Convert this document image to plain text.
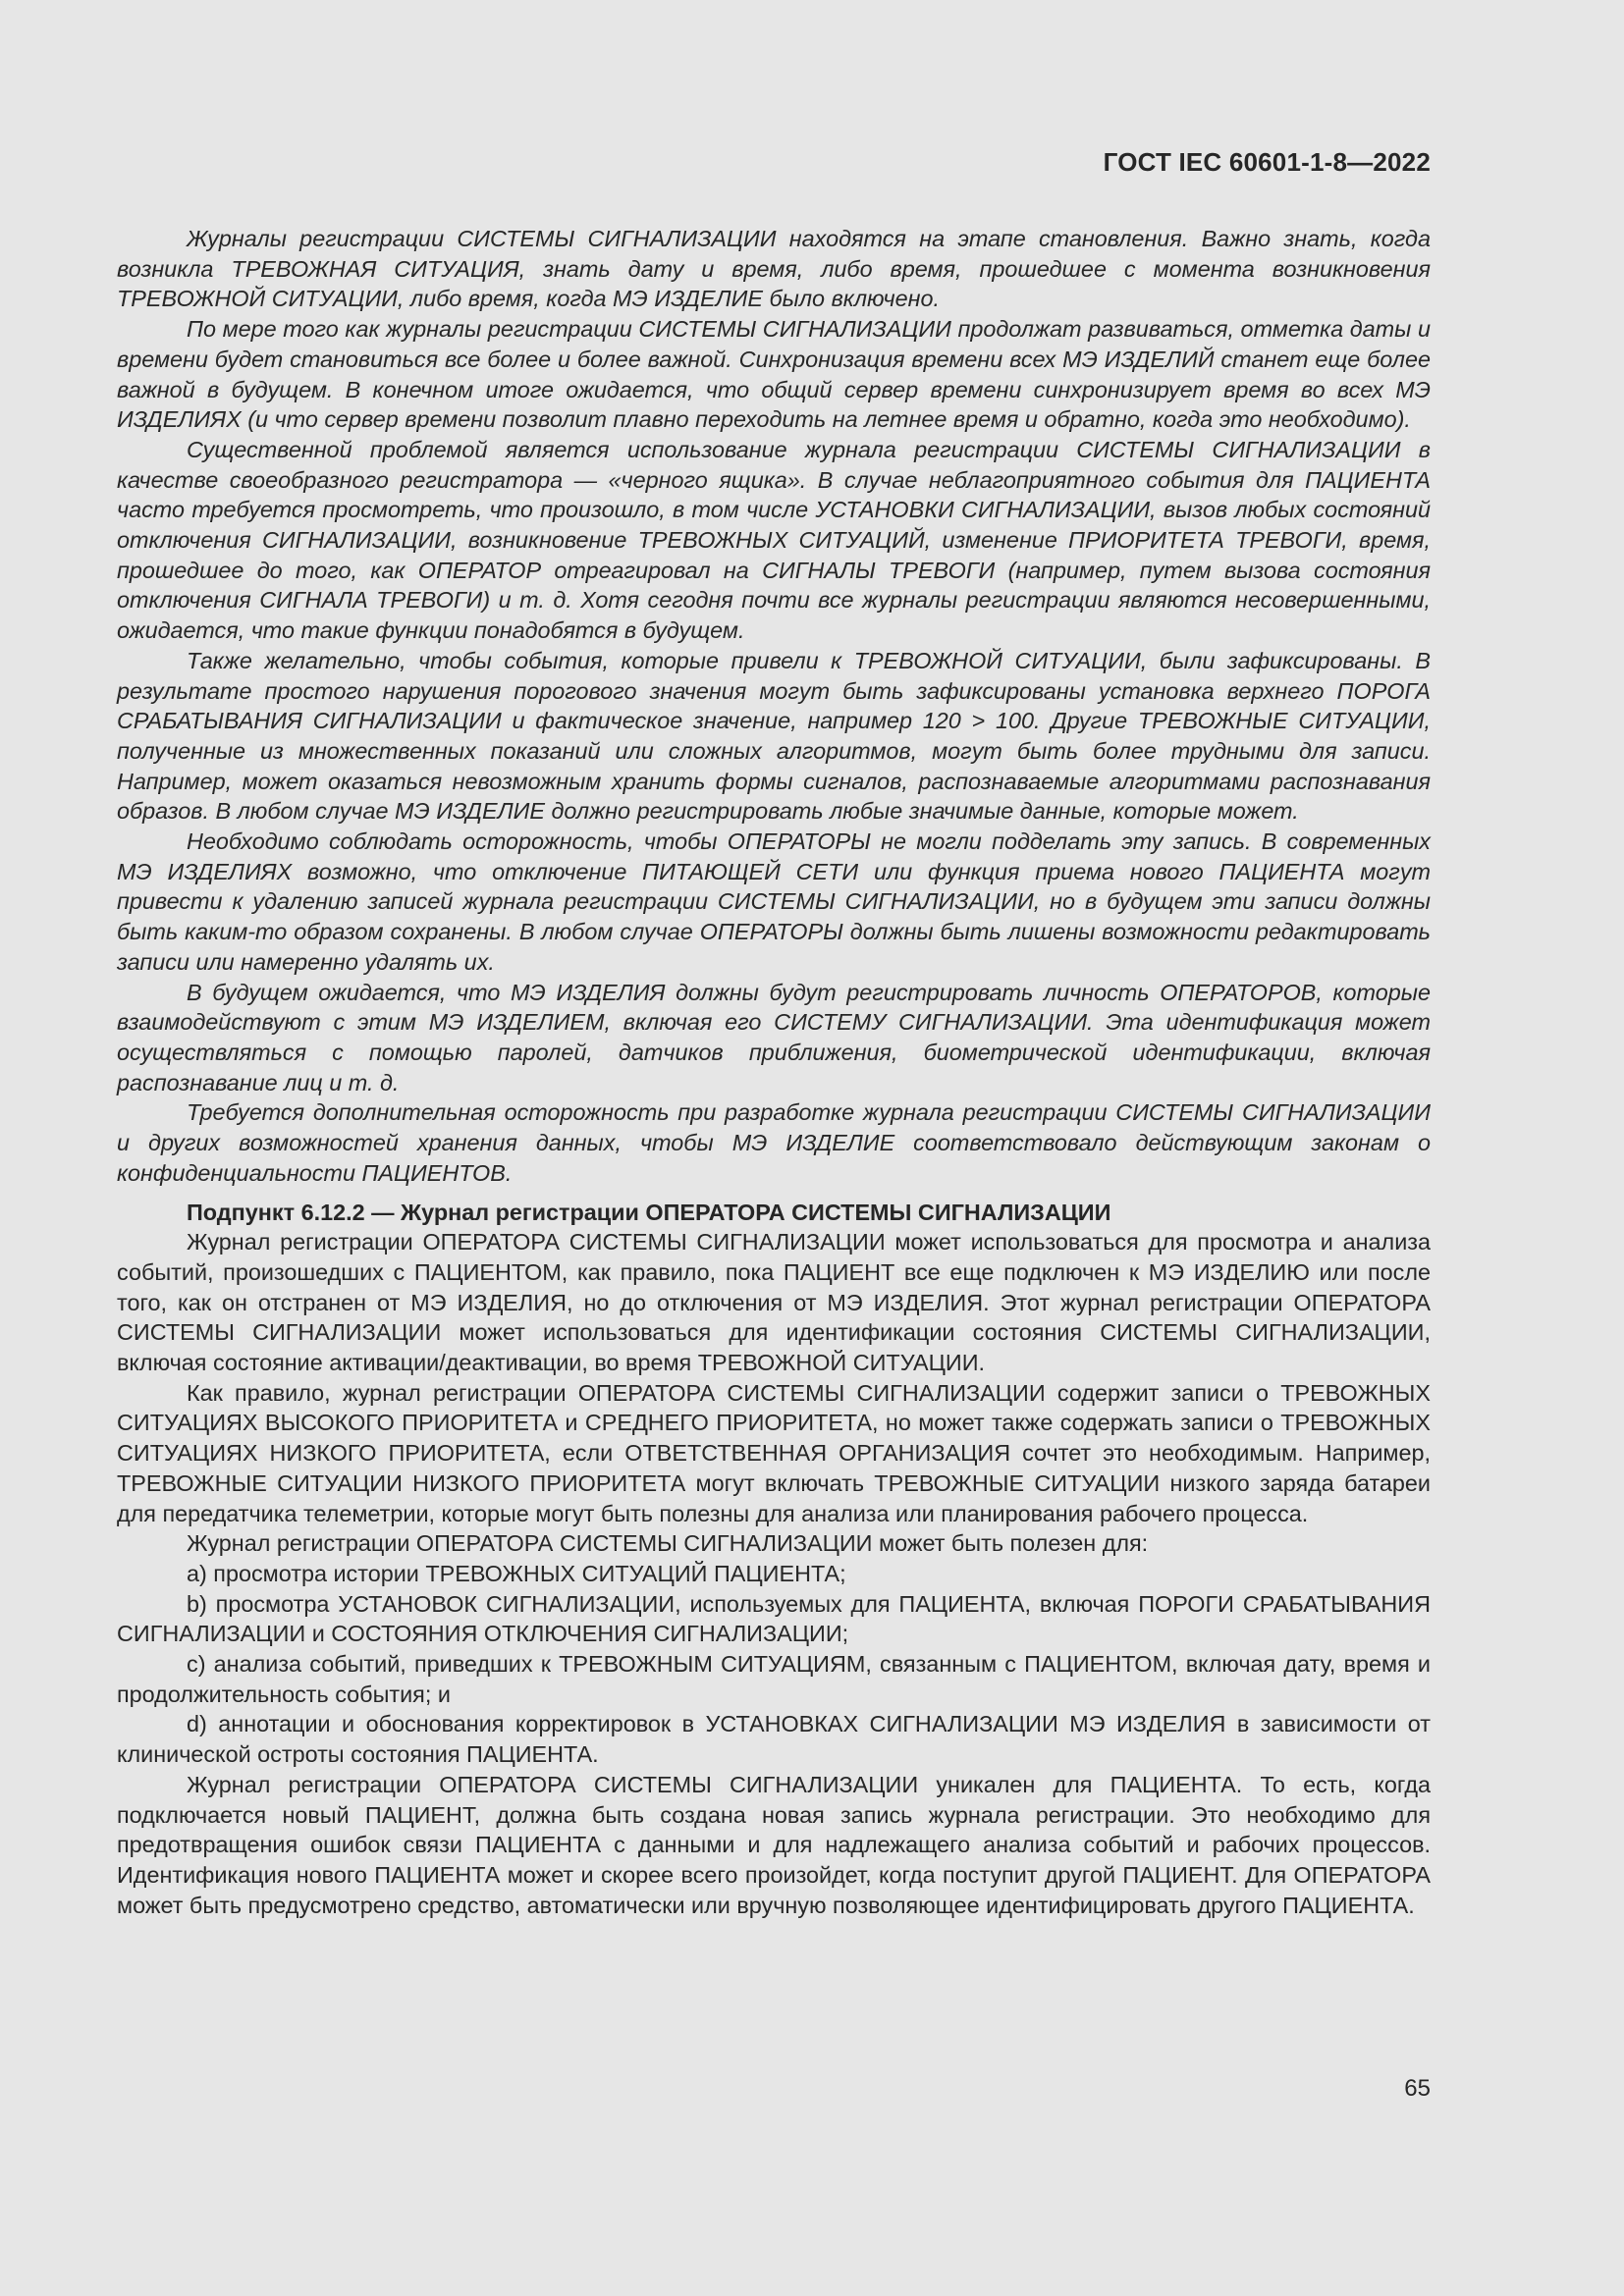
ГОСТ IEC 60601-1-8—2022

Журналы регистрации СИСТЕМЫ СИГНАЛИЗАЦИИ находятся на этапе становления. Важно знать, когда возникла ТРЕВОЖНАЯ СИТУАЦИЯ, знать дату и время, либо время, прошедшее с момента возникновения ТРЕВОЖНОЙ СИТУАЦИИ, либо время, когда МЭ ИЗДЕЛИЕ было включено.

По мере того как журналы регистрации СИСТЕМЫ СИГНАЛИЗАЦИИ продолжат развиваться, отметка даты и времени будет становиться все более и более важной. Синхронизация времени всех МЭ ИЗДЕЛИЙ станет еще более важной в будущем. В конечном итоге ожидается, что общий сервер времени синхронизирует время во всех МЭ ИЗДЕЛИЯХ (и что сервер времени позволит плавно переходить на летнее время и обратно, когда это необходимо).

Существенной проблемой является использование журнала регистрации СИСТЕМЫ СИГНАЛИЗАЦИИ в качестве своеобразного регистратора — «черного ящика». В случае неблагоприятного события для ПАЦИЕНТА часто требуется просмотреть, что произошло, в том числе УСТАНОВКИ СИГНАЛИЗАЦИИ, вызов любых состояний отключения СИГНАЛИЗАЦИИ, возникновение ТРЕВОЖНЫХ СИТУАЦИЙ, изменение ПРИОРИТЕТА ТРЕВОГИ, время, прошедшее до того, как ОПЕРАТОР отреагировал на СИГНАЛЫ ТРЕВОГИ (например, путем вызова состояния отключения СИГНАЛА ТРЕВОГИ) и т. д. Хотя сегодня почти все журналы регистрации являются несовершенными, ожидается, что такие функции понадобятся в будущем.

Также желательно, чтобы события, которые привели к ТРЕВОЖНОЙ СИТУАЦИИ, были зафиксированы. В результате простого нарушения порогового значения могут быть зафиксированы установка верхнего ПОРОГА СРАБАТЫВАНИЯ СИГНАЛИЗАЦИИ и фактическое значение, например 120 > 100. Другие ТРЕВОЖНЫЕ СИТУАЦИИ, полученные из множественных показаний или сложных алгоритмов, могут быть более трудными для записи. Например, может оказаться невозможным хранить формы сигналов, распознаваемые алгоритмами распознавания образов. В любом случае МЭ ИЗДЕЛИЕ должно регистрировать любые значимые данные, которые может.

Необходимо соблюдать осторожность, чтобы ОПЕРАТОРЫ не могли подделать эту запись. В современных МЭ ИЗДЕЛИЯХ возможно, что отключение ПИТАЮЩЕЙ СЕТИ или функция приема нового ПАЦИЕНТА могут привести к удалению записей журнала регистрации СИСТЕМЫ СИГНАЛИЗАЦИИ, но в будущем эти записи должны быть каким-то образом сохранены. В любом случае ОПЕРАТОРЫ должны быть лишены возможности редактировать записи или намеренно удалять их.

В будущем ожидается, что МЭ ИЗДЕЛИЯ должны будут регистрировать личность ОПЕРАТОРОВ, которые взаимодействуют с этим МЭ ИЗДЕЛИЕМ, включая его СИСТЕМУ СИГНАЛИЗАЦИИ. Эта идентификация может осуществляться с помощью паролей, датчиков приближения, биометрической идентификации, включая распознавание лиц и т. д.

Требуется дополнительная осторожность при разработке журнала регистрации СИСТЕМЫ СИГНАЛИЗАЦИИ и других возможностей хранения данных, чтобы МЭ ИЗДЕЛИЕ соответствовало действующим законам о конфиденциальности ПАЦИЕНТОВ.

Подпункт 6.12.2 — Журнал регистрации ОПЕРАТОРА СИСТЕМЫ СИГНАЛИЗАЦИИ

Журнал регистрации ОПЕРАТОРА СИСТЕМЫ СИГНАЛИЗАЦИИ может использоваться для просмотра и анализа событий, произошедших с ПАЦИЕНТОМ, как правило, пока ПАЦИЕНТ все еще подключен к МЭ ИЗДЕЛИЮ или после того, как он отстранен от МЭ ИЗДЕЛИЯ, но до отключения от МЭ ИЗДЕЛИЯ. Этот журнал регистрации ОПЕРАТОРА СИСТЕМЫ СИГНАЛИЗАЦИИ может использоваться для идентификации состояния СИСТЕМЫ СИГНАЛИЗАЦИИ, включая состояние активации/деактивации, во время ТРЕВОЖНОЙ СИТУАЦИИ.

Как правило, журнал регистрации ОПЕРАТОРА СИСТЕМЫ СИГНАЛИЗАЦИИ содержит записи о ТРЕВОЖНЫХ СИТУАЦИЯХ ВЫСОКОГО ПРИОРИТЕТА и СРЕДНЕГО ПРИОРИТЕТА, но может также содержать записи о ТРЕВОЖНЫХ СИТУАЦИЯХ НИЗКОГО ПРИОРИТЕТА, если ОТВЕТСТВЕННАЯ ОРГАНИЗАЦИЯ сочтет это необходимым. Например, ТРЕВОЖНЫЕ СИТУАЦИИ НИЗКОГО ПРИОРИТЕТА могут включать ТРЕВОЖНЫЕ СИТУАЦИИ низкого заряда батареи для передатчика телеметрии, которые могут быть полезны для анализа или планирования рабочего процесса.

Журнал регистрации ОПЕРАТОРА СИСТЕМЫ СИГНАЛИЗАЦИИ может быть полезен для:

a) просмотра истории ТРЕВОЖНЫХ СИТУАЦИЙ ПАЦИЕНТА;

b) просмотра УСТАНОВОК СИГНАЛИЗАЦИИ, используемых для ПАЦИЕНТА, включая ПОРОГИ СРАБАТЫВАНИЯ СИГНАЛИЗАЦИИ и СОСТОЯНИЯ ОТКЛЮЧЕНИЯ СИГНАЛИЗАЦИИ;

c) анализа событий, приведших к ТРЕВОЖНЫМ СИТУАЦИЯМ, связанным с ПАЦИЕНТОМ, включая дату, время и продолжительность события; и

d) аннотации и обоснования корректировок в УСТАНОВКАХ СИГНАЛИЗАЦИИ МЭ ИЗДЕЛИЯ в зависимости от клинической остроты состояния ПАЦИЕНТА.

Журнал регистрации ОПЕРАТОРА СИСТЕМЫ СИГНАЛИЗАЦИИ уникален для ПАЦИЕНТА. То есть, когда подключается новый ПАЦИЕНТ, должна быть создана новая запись журнала регистрации. Это необходимо для предотвращения ошибок связи ПАЦИЕНТА с данными и для надлежащего анализа событий и рабочих процессов. Идентификация нового ПАЦИЕНТА может и скорее всего произойдет, когда поступит другой ПАЦИЕНТ. Для ОПЕРАТОРА может быть предусмотрено средство, автоматически или вручную позволяющее идентифицировать другого ПАЦИЕНТА.

65
